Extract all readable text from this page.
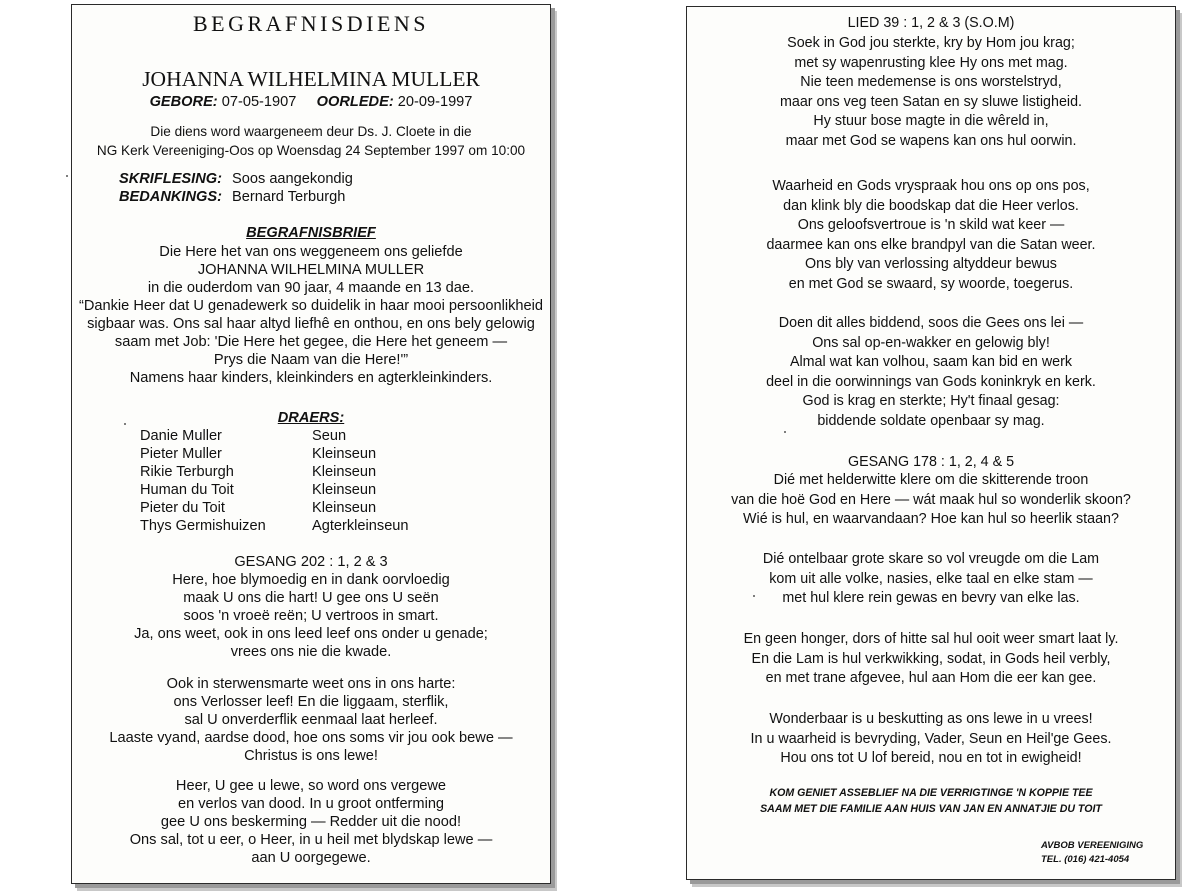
BEGRAFNISDIENS
JOHANNA WILHELMINA MULLER
GEBORE: 07-05-1907 OORLEDE: 20-09-1997
Die diens word waargeneem deur Ds. J. Cloete in die
NG Kerk Vereeniging-Oos op Woensdag 24 September 1997 om 10:00
SKRIFLESING: Soos aangekondig
BEDANKINGS: Bernard Terburgh
BEGRAFNISBRIEF
Die Here het van ons weggeneem ons geliefde
JOHANNA WILHELMINA MULLER
in die ouderdom van 90 jaar, 4 maande en 13 dae.
“Dankie Heer dat U genadewerk so duidelik in haar mooi persoonlikheid
sigbaar was. Ons sal haar altyd liefhê en onthou, en ons bely gelowig
saam met Job: 'Die Here het gegee, die Here het geneem —
Prys die Naam van die Here!'”
Namens haar kinders, kleinkinders en agterkleinkinders.
DRAERS:
Danie Muller	Seun
Pieter Muller	Kleinseun
Rikie Terburgh	Kleinseun
Human du Toit	Kleinseun
Pieter du Toit	Kleinseun
Thys Germishuizen	Agterkleinseun
GESANG 202 : 1, 2 & 3
Here, hoe blymoedig en in dank oorvloedig
maak U ons die hart! U gee ons U seën
soos 'n vroeë reën; U vertroos in smart.
Ja, ons weet, ook in ons leed leef ons onder u genade;
vrees ons nie die kwade.
Ook in sterwensmarte weet ons in ons harte:
ons Verlosser leef! En die liggaam, sterflik,
sal U onverderflik eenmaal laat herleef.
Laaste vyand, aardse dood, hoe ons soms vir jou ook bewe —
Christus is ons lewe!
Heer, U gee u lewe, so word ons vergewe
en verlos van dood. In u groot ontferming
gee U ons beskerming — Redder uit die nood!
Ons sal, tot u eer, o Heer, in u heil met blydskap lewe —
aan U oorgegewe.
LIED 39 : 1, 2 & 3 (S.O.M)
Soek in God jou sterkte, kry by Hom jou krag;
met sy wapenrusting klee Hy ons met mag.
Nie teen medemense is ons worstelstryd,
maar ons veg teen Satan en sy sluwe listigheid.
Hy stuur bose magte in die wêreld in,
maar met God se wapens kan ons hul oorwin.
Waarheid en Gods vryspraak hou ons op ons pos,
dan klink bly die boodskap dat die Heer verlos.
Ons geloofsvertroue is 'n skild wat keer —
daarmee kan ons elke brandpyl van die Satan weer.
Ons bly van verlossing altyddeur bewus
en met God se swaard, sy woorde, toegerus.
Doen dit alles biddend, soos die Gees ons lei —
Ons sal op-en-wakker en gelowig bly!
Almal wat kan volhou, saam kan bid en werk
deel in die oorwinnings van Gods koninkryk en kerk.
God is krag en sterkte; Hy't finaal gesag:
biddende soldate openbaar sy mag.
GESANG 178 : 1, 2, 4 & 5
Dié met helderwitte klere om die skitterende troon
van die hoë God en Here — wát maak hul so wonderlik skoon?
Wié is hul, en waarvandaan? Hoe kan hul so heerlik staan?
Dié ontelbaar grote skare so vol vreugde om die Lam
kom uit alle volke, nasies, elke taal en elke stam —
met hul klere rein gewas en bevry van elke las.
En geen honger, dors of hitte sal hul ooit weer smart laat ly.
En die Lam is hul verkwikking, sodat, in Gods heil verbly,
en met trane afgevee, hul aan Hom die eer kan gee.
Wonderbaar is u beskutting as ons lewe in u vrees!
In u waarheid is bevryding, Vader, Seun en Heil'ge Gees.
Hou ons tot U lof bereid, nou en tot in ewigheid!
KOM GENIET ASSEBLIEF NA DIE VERRIGTINGE 'N KOPPIE TEE
SAAM MET DIE FAMILIE AAN HUIS VAN JAN EN ANNATJIE DU TOIT
AVBOB VEREENIGING
TEL. (016) 421-4054
